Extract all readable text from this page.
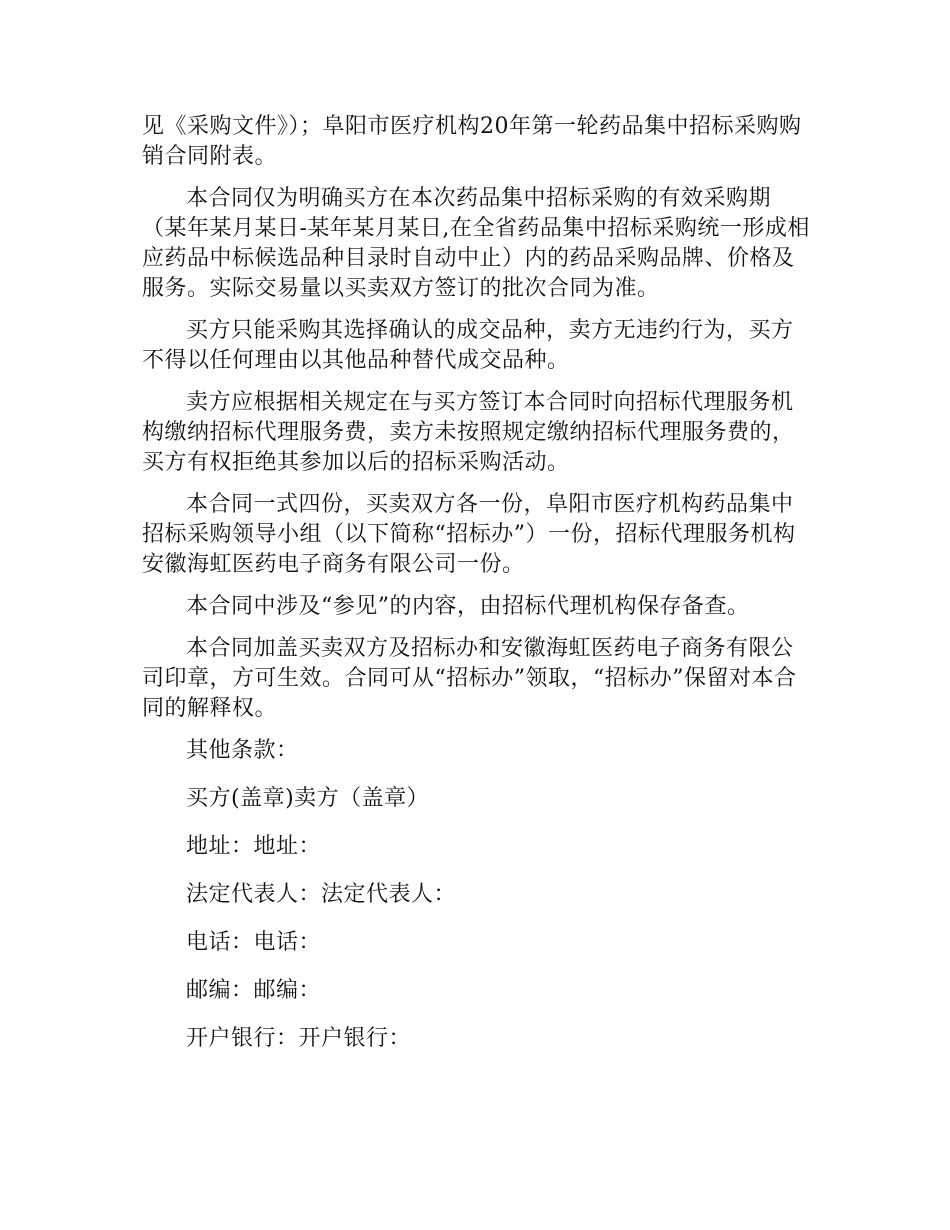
见《采购文件》）；阜阳市医疗机构20年第一轮药品集中招标采购购销合同附表。

本合同仅为明确买方在本次药品集中招标采购的有效采购期（某年某月某日-某年某月某日,在全省药品集中招标采购统一形成相应药品中标候选品种目录时自动中止）内的药品采购品牌、价格及服务。实际交易量以买卖双方签订的批次合同为准。

买方只能采购其选择确认的成交品种，卖方无违约行为，买方不得以任何理由以其他品种替代成交品种。

卖方应根据相关规定在与买方签订本合同时向招标代理服务机构缴纳招标代理服务费，卖方未按照规定缴纳招标代理服务费的，买方有权拒绝其参加以后的招标采购活动。

本合同一式四份，买卖双方各一份，阜阳市医疗机构药品集中招标采购领导小组（以下简称“招标办”）一份，招标代理服务机构安徽海虹医药电子商务有限公司一份。

本合同中涉及“参见”的内容，由招标代理机构保存备查。

本合同加盖买卖双方及招标办和安徽海虹医药电子商务有限公司印章，方可生效。合同可从“招标办”领取，“招标办”保留对本合同的解释权。

其他条款：

买方(盖章)卖方（盖章）

地址：地址：

法定代表人：法定代表人：

电话：电话：

邮编：邮编：

开户银行：开户银行：
